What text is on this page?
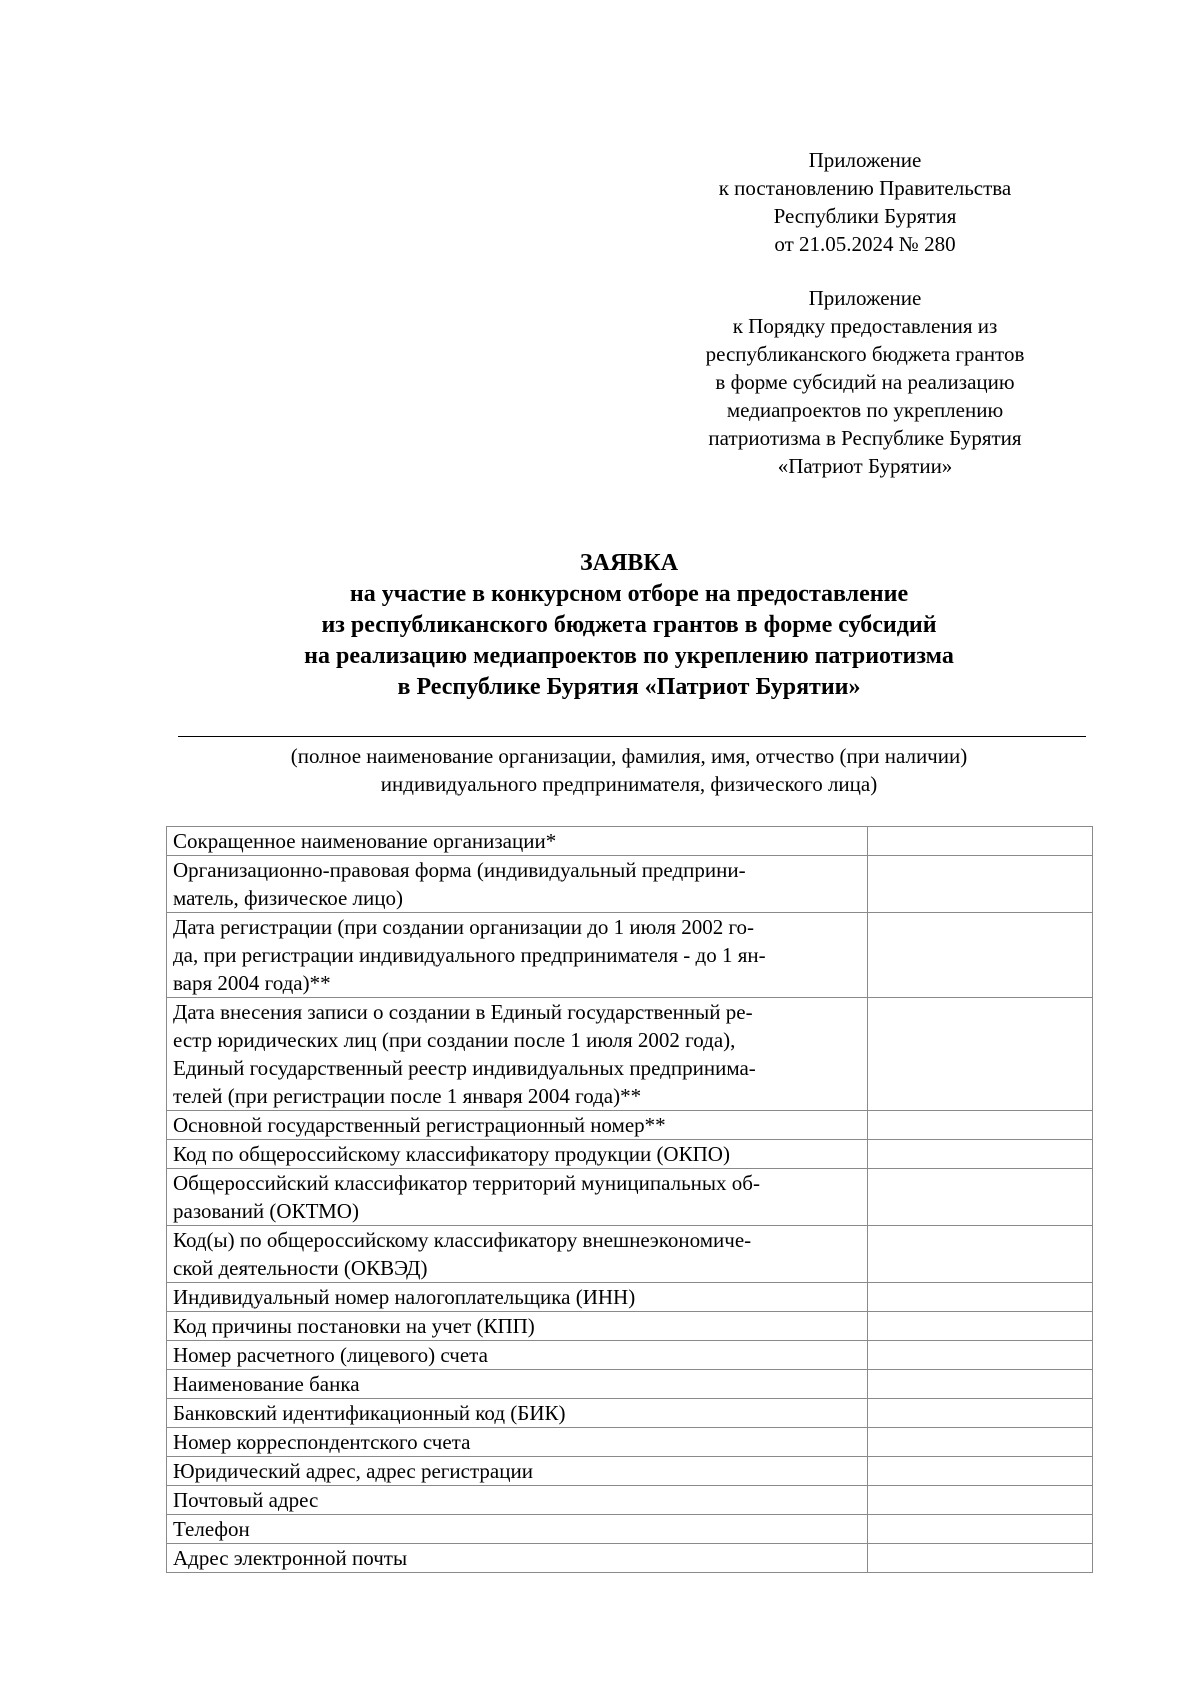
Приложение
к постановлению Правительства
Республики Бурятия
от 21.05.2024 № 280
Приложение
к Порядку предоставления из
республиканского бюджета грантов
в форме субсидий на реализацию
медиапроектов по укреплению
патриотизма в Республике Бурятия
«Патриот Бурятии»
ЗАЯВКА
на участие в конкурсном отборе на предоставление
из республиканского бюджета грантов в форме субсидий
на реализацию медиапроектов по укреплению патриотизма
в Республике Бурятия «Патриот Бурятии»
(полное наименование организации, фамилия, имя, отчество (при наличии)
индивидуального предпринимателя, физического лица)
Сокращенное наименование организации*	

Организационно-правовая форма (индивидуальный предприни-
матель, физическое лицо)	

Дата регистрации (при создании организации до 1 июля 2002 го-
да, при регистрации индивидуального предпринимателя - до 1 ян-
варя 2004 года)**	

Дата внесения записи о создании в Единый государственный ре-
естр юридических лиц (при создании после 1 июля 2002 года),
Единый государственный реестр индивидуальных предпринима-
телей (при регистрации после 1 января 2004 года)**	

Основной государственный регистрационный номер**	

Код по общероссийскому классификатору продукции (ОКПО)	

Общероссийский классификатор территорий муниципальных об-
разований (ОКТМО)	

Код(ы) по общероссийскому классификатору внешнеэкономиче-
ской деятельности (ОКВЭД)	

Индивидуальный номер налогоплательщика (ИНН)	

Код причины постановки на учет (КПП)	

Номер расчетного (лицевого) счета	

Наименование банка	

Банковский идентификационный код (БИК)	

Номер корреспондентского счета	

Юридический адрес, адрес регистрации	

Почтовый адрес	

Телефон	

Адрес электронной почты	
